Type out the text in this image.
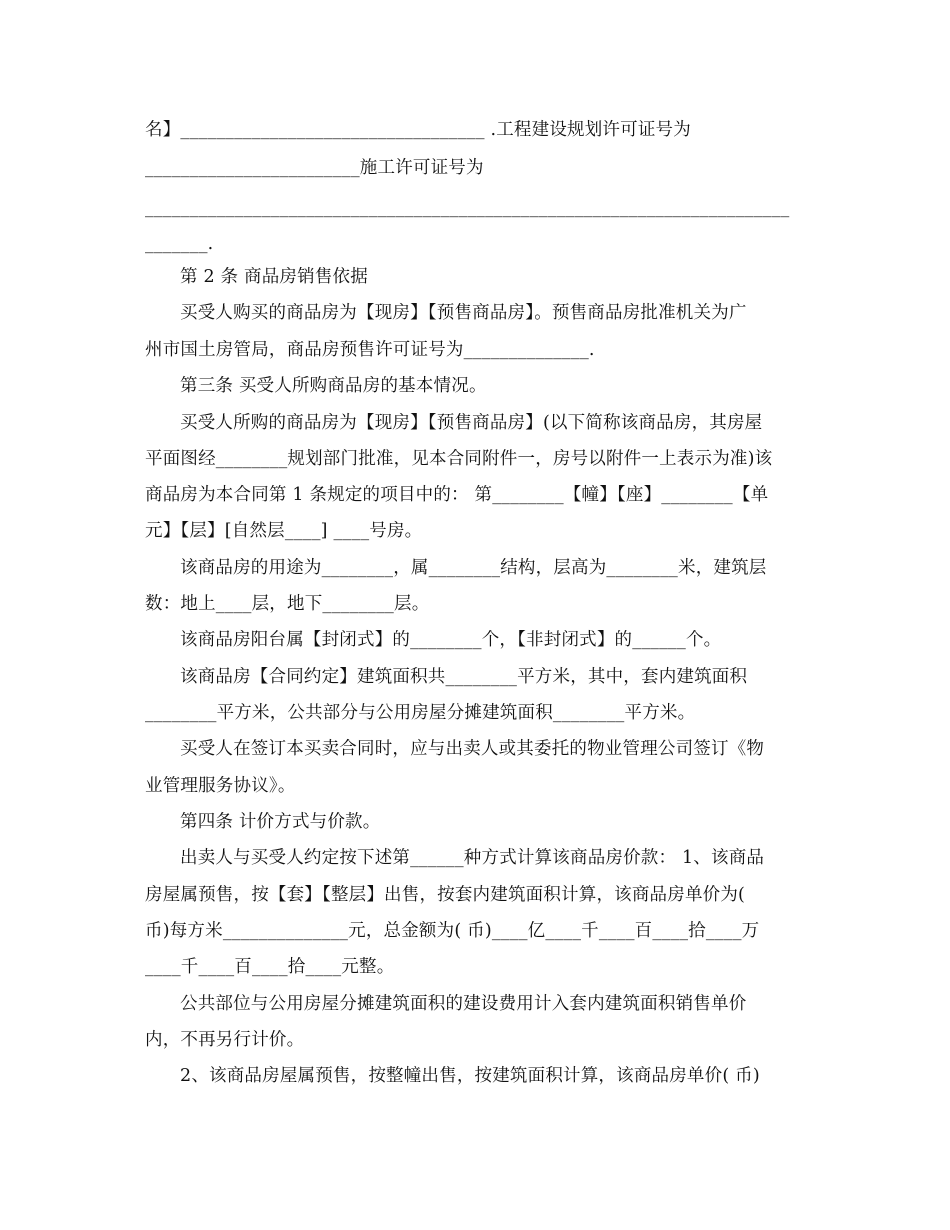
名】__________________________________ .工程建设规划许可证号为
________________________施工许可证号为
________________________________________________________________________
_______.
第 2 条 商品房销售依据
买受人购买的商品房为【现房】【预售商品房】。预售商品房批准机关为广
州市国土房管局，商品房预售许可证号为______________.
第三条 买受人所购商品房的基本情况。
买受人所购的商品房为【现房】【预售商品房】(以下简称该商品房，其房屋
平面图经________规划部门批准，见本合同附件一，房号以附件一上表示为准)该
商品房为本合同第 1 条规定的项目中的： 第________【幢】【座】________【单
元】【层】[自然层____] ____号房。
该商品房的用途为________，属________结构，层高为________米，建筑层
数：地上____层，地下________层。
该商品房阳台属【封闭式】的________个，【非封闭式】的______个。
该商品房【合同约定】建筑面积共________平方米，其中，套内建筑面积
________平方米，公共部分与公用房屋分摊建筑面积________平方米。
买受人在签订本买卖合同时，应与出卖人或其委托的物业管理公司签订《物
业管理服务协议》。
第四条 计价方式与价款。
出卖人与买受人约定按下述第______种方式计算该商品房价款： 1、该商品
房屋属预售，按【套】【整层】出售，按套内建筑面积计算，该商品房单价为(
币)每方米______________元，总金额为( 币)____亿____千____百____拾____万
____千____百____拾____元整。
公共部位与公用房屋分摊建筑面积的建设费用计入套内建筑面积销售单价
内，不再另行计价。
2、该商品房屋属预售，按整幢出售，按建筑面积计算，该商品房单价( 币)
